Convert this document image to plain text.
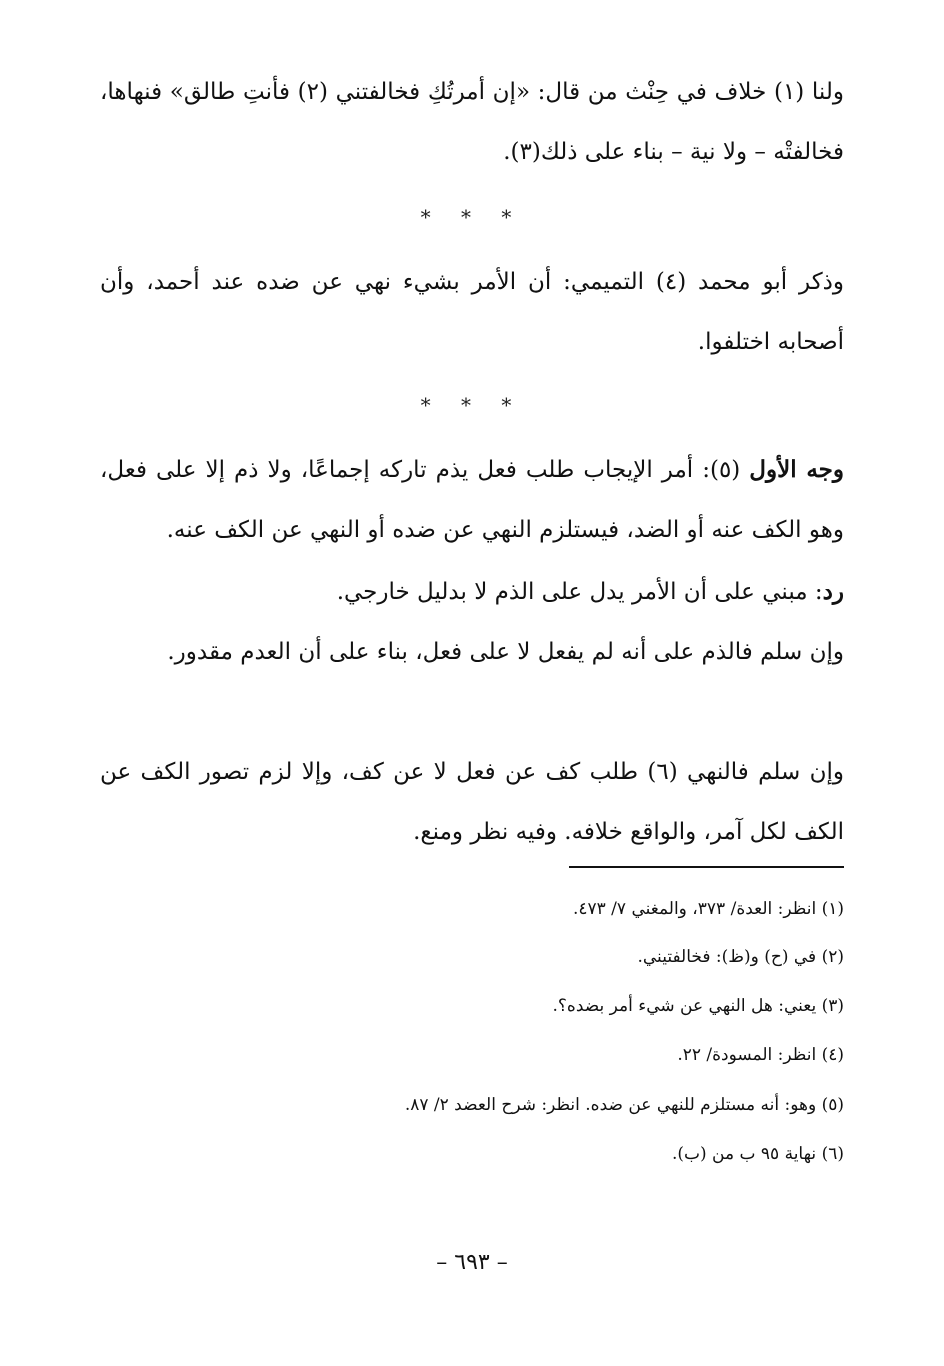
ولنا (١) خلاف في حِنْث من قال: «إن أمرتُكِ فخالفتني (٢) فأنتِ طالق» فنهاها، فخالفتْه – ولا نية – بناء على ذلك(٣).

* * *

وذكر أبو محمد (٤) التميمي: أن الأمر بشيء نهي عن ضده عند أحمد، وأن أصحابه اختلفوا.

* * *

وجه الأول (٥): أمر الإيجاب طلب فعل يذم تاركه إجماعًا، ولا ذم إلا على فعل، وهو الكف عنه أو الضد، فيستلزم النهي عن ضده أو النهي عن الكف عنه.

رد: مبني على أن الأمر يدل على الذم لا بدليل خارجي.

وإن سلم فالذم على أنه لم يفعل لا على فعل، بناء على أن العدم مقدور.

وإن سلم فالنهي (٦) طلب كف عن فعل لا عن كف، وإلا لزم تصور الكف عن الكف لكل آمر، والواقع خلافه. وفيه نظر ومنع.

(١) انظر: العدة/ ٣٧٣، والمغني ٧/ ٤٧٣.
(٢) في (ح) و(ظ): فخالفتيني.
(٣) يعني: هل النهي عن شيء أمر بضده؟.
(٤) انظر: المسودة/ ٢٢.
(٥) وهو: أنه مستلزم للنهي عن ضده. انظر: شرح العضد ٢/ ٨٧.
(٦) نهاية ٩٥ ب من (ب).
– ٦٩٣ –
